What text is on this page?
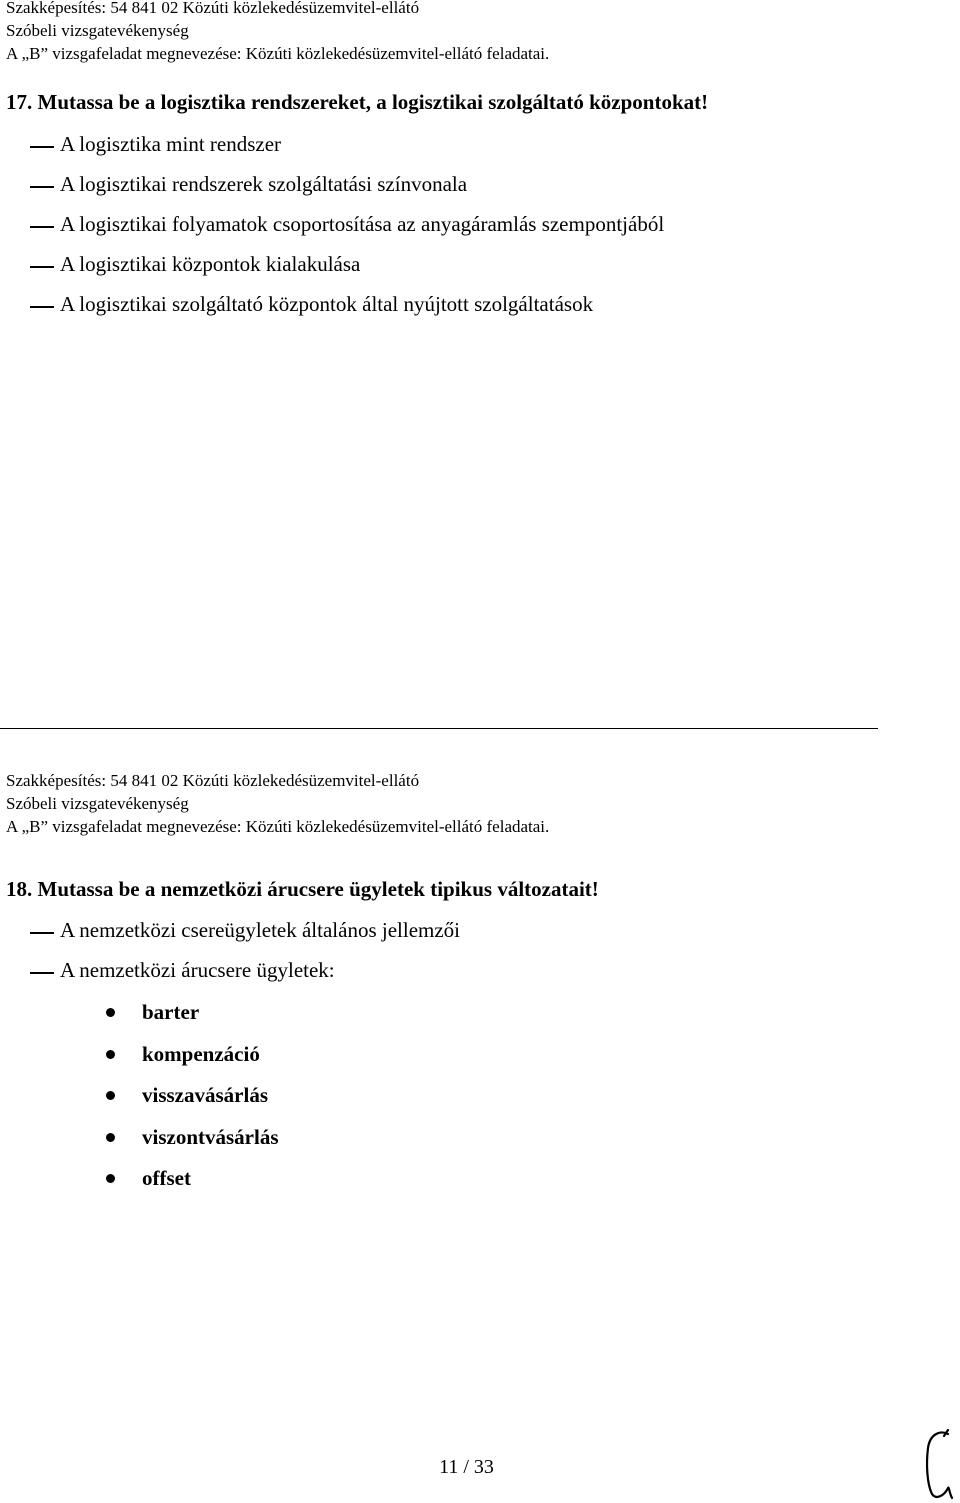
Szakképesítés: 54 841 02 Közúti közlekedésüzemvitel-ellátó
Szóbeli vizsgatevékenység
A „B” vizsgafeladat megnevezése: Közúti közlekedésüzemvitel-ellátó feladatai.
17. Mutassa be a logisztika rendszereket, a logisztikai szolgáltató központokat!
A logisztika mint rendszer
A logisztikai rendszerek szolgáltatási színvonala
A logisztikai folyamatok csoportosítása az anyagáramlás szempontjából
A logisztikai központok kialakulása
A logisztikai szolgáltató központok által nyújtott szolgáltatások
Szakképesítés: 54 841 02 Közúti közlekedésüzemvitel-ellátó
Szóbeli vizsgatevékenység
A „B” vizsgafeladat megnevezése: Közúti közlekedésüzemvitel-ellátó feladatai.
18. Mutassa be a nemzetközi árucsere ügyletek tipikus változatait!
A nemzetközi csereügyletek általános jellemzői
A nemzetközi árucsere ügyletek:
barter
kompenzáció
visszavásárlás
viszontvásárlás
offset
11 / 33
